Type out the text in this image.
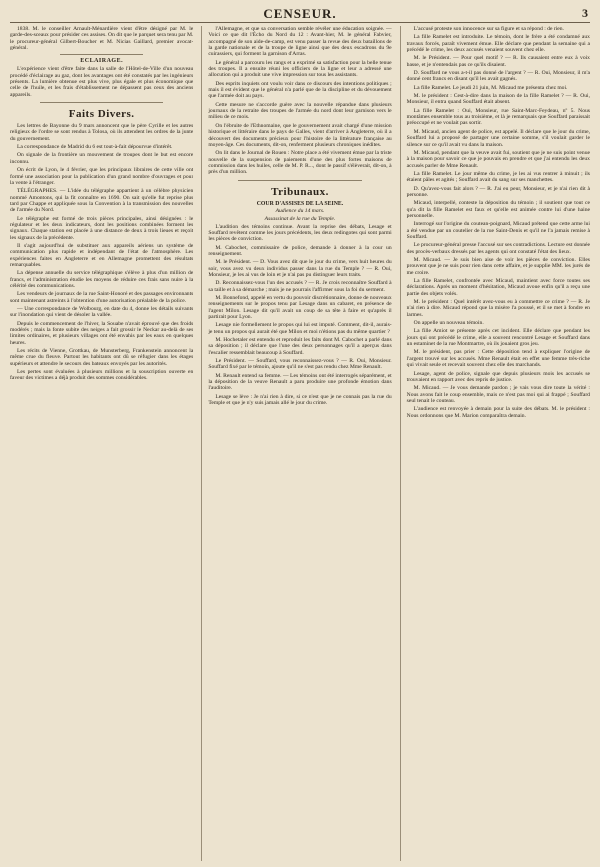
CENSEUR.	3

1838. M. le conseiller Arnault-Ménardière vient d'être désigné par M. le garde-des-sceaux pour présider ces assises. On dit que le parquet sera tenu par M. le procureur-général Gilbert-Boucher et M. Nicias Gaillard, premier avocat-général.

ECLAIRAGE.

L'expérience vient d'être faite dans la salle de l'Hôtel-de-Ville d'un nouveau procédé d'éclairage au gaz, dont les avantages ont été constatés par les ingénieurs présents. La lumière obtenue est plus vive, plus égale et plus économique que celle de l'huile, et les frais d'établissement ne dépassent pas ceux des anciens appareils.

Faits Divers.

Les lettres de Bayonne du 9 mars annoncent que le père Cyrille et les autres religieux de l'ordre se sont rendus à Tolosa, où ils attendent les ordres de la junte du gouvernement.

La correspondance de Madrid du 6 est tout-à-fait dépourvue d'intérêt.

On signale de la frontière un mouvement de troupes dont le but est encore inconnu.

On écrit de Lyon, le 4 février, que les principaux libraires de cette ville ont formé une association pour la publication d'un grand nombre d'ouvrages et pour la vente à l'étranger.

TÉLÉGRAPHES. — L'idée du télégraphe appartient à un célèbre physicien nommé Amontons, qui la fit connaître en 1690. On sait qu'elle fut reprise plus tard par Chappe et appliquée sous la Convention à la transmission des nouvelles de l'armée du Nord.

Le télégraphe est formé de trois pièces principales, ainsi désignées : le régulateur et les deux indicateurs, dont les positions combinées forment les signaux. Chaque station est placée à une distance de deux à trois lieues et reçoit les signaux de la précédente.

Il s'agit aujourd'hui de substituer aux appareils aériens un système de communication plus rapide et indépendant de l'état de l'atmosphère. Les expériences faites en Angleterre et en Allemagne promettent des résultats remarquables.

La dépense annuelle du service télégraphique s'élève à plus d'un million de francs, et l'administration étudie les moyens de réduire ces frais sans nuire à la célérité des communications.

Les vendeurs de journaux de la rue Saint-Honoré et des passages environnants sont maintenant astreints à l'obtention d'une autorisation préalable de la police.

— Une correspondance de Wolbourg, en date du 4, donne les détails suivants sur l'inondation qui vient de désoler la vallée.

Depuis le commencement de l'hiver, la Souabe n'avait éprouvé que des froids modérés ; mais la fonte subite des neiges a fait grossir le Neckar au-delà de ses limites ordinaires, et plusieurs villages ont été envahis par les eaux en quelques heures.

Les récits de Vienne, Grottkau, de Munsterberg, Frankenstein annoncent la même crue du fleuve. Partout les habitants ont dû se réfugier dans les étages supérieurs et attendre le secours des bateaux envoyés par les autorités.

Les pertes sont évaluées à plusieurs millions et la souscription ouverte en faveur des victimes a déjà produit des sommes considérables.

l'Allemagne, et que sa conversation semble révéler une éducation soignée. — Voici ce que dit l'Écho du Nord du 12 : Avant-hier, M. le général Fabvier, accompagné de son aide-de-camp, est venu passer la revue des deux bataillons de la garde nationale et de la troupe de ligne ainsi que des deux escadrons du 9e cuirassiers, qui forment la garnison d'Arras.

Le général a parcouru les rangs et a exprimé sa satisfaction pour la belle tenue des troupes. Il a ensuite réuni les officiers de la ligne et leur a adressé une allocution qui a produit une vive impression sur tous les assistants.

Des esprits inquiets ont voulu voir dans ce discours des intentions politiques ; mais il est évident que le général n'a parlé que de la discipline et du dévouement que l'armée doit au pays.

Cette mesure ne s'accorde guère avec la nouvelle répandue dans plusieurs journaux de la retraite des troupes de l'armée du nord dont leur garnison vers le milieu de ce mois.

On l'ébruite de l'Ethnomaine, que le gouvernement avait chargé d'une mission historique et littéraire dans le pays de Galles, vient d'arriver à Angleterre, où il a découvert des documents précieux pour l'histoire de la littérature française au moyen-âge. Ces documents, dit-on, renferment plusieurs chroniques inédites.

On lit dans le Journal de Rouen : Notre place a été vivement émue par la triste nouvelle de la suspension de paiements d'une des plus fortes maisons de commission dans les huiles, celle de M. P. R..., dont le passif s'élèverait, dit-on, à près d'un million.

Tribunaux.
COUR D'ASSISES DE LA SEINE.
Audience du 14 mars.
Assassinat de la rue du Temple.

L'audition des témoins continue. Avant la reprise des débats, Lesage et Souffard revêtent comme les jours précédents, les deux redingotes qui sont parmi les pièces de conviction.

M. Cabochet, commissaire de police, demande à donner à la cour un renseignement.

M. le Président. — D. Vous avez dit que le jour du crime, vers huit heures du soir, vous avez vu deux individus passer dans la rue du Temple ? — R. Oui, Monsieur, je les ai vus de loin et je n'ai pas pu distinguer leurs traits.

D. Reconnaissez-vous l'un des accusés ? — R. Je crois reconnaître Souffard à sa taille et à sa démarche ; mais je ne pourrais l'affirmer sous la foi du serment.

M. Bonnefond, appelé en vertu du pouvoir discrétionnaire, donne de nouveaux renseignements sur le propos tenu par Lesage dans un cabaret, en présence de l'agent Milon. Lesage dit qu'il avait un coup de sa tête à faire et qu'après il partirait pour Lyon.

Lesage nie formellement le propos qui lui est imputé. Comment, dit-il, aurais-je tenu un propos qui aurait été que Milon et moi n'étions pas du même quartier ?

M. Hochetaler est entendu et reproduit les faits dont M. Cabochet a parlé dans sa déposition ; il déclare que l'une des deux personnages qu'il a aperçus dans l'escalier ressemblait beaucoup à Souffard.

Le Président. — Souffard, vous reconnaissez-vous ? — R. Oui, Monsieur. Souffard fixé par le témoin, ajoute qu'il ne s'est pas rendu chez Mme Renault.

M. Renault entend sa femme. — Les témoins ont été interrogés séparément, et la déposition de la veuve Renault a paru produire une profonde émotion dans l'auditoire.

Lesage se lève : Je n'ai rien à dire, si ce n'est que je ne connais pas la rue du Temple et que je n'y suis jamais allé le jour du crime.

L'accusé proteste son innocence sur sa figure et sa répond : de rien.

La fille Ramelet est introduite. Le témoin, dont le frère a été condamné aux travaux forcés, paraît vivement émue. Elle déclare que pendant la semaine qui a précédé le crime, les deux accusés venaient souvent chez elle.

M. le Président. — Pour quel motif ? — R. Ils causaient entre eux à voix basse, et je n'entendais pas ce qu'ils disaient.

D. Souffard ne vous a-t-il pas donné de l'argent ? — R. Oui, Monsieur, il m'a donné cent francs en disant qu'il les avait gagnés.

La fille Ramelet. Le jeudi 21 juin, M. Micaud me présenta chez moi.

M. le président : Cest-à-dire dans la maison de la fille Ramelet ? — R. Oui, Monsieur, il entra quand Souffard était absent.

La fille Ramelet : Oui, Monsieur, rue Saint-Marc-Feydeau, nº 5. Nous montâmes ensemble tous au troisième, et là je remarquais que Souffard paraissait préoccupé et ne voulait pas sortir.

M. Micaud, ancien agent de police, est appelé. Il déclare que le jour du crime, Souffard lui a proposé de partager une certaine somme, s'il voulait garder le silence sur ce qu'il avait vu dans la maison.

M. Micaud, pendant que la veuve avait fui, soutient que je ne suis point venue à la maison pour savoir ce que je pouvais en prendre et que j'ai entendu les deux accusés parler de Mme Renault.

La fille Ramelet. Le jour même du crime, je les ai vus rentrer à minuit ; ils étaient pâles et agités ; Souffard avait du sang sur ses manchettes.

D. Qu'avez-vous fait alors ? — R. J'ai eu peur, Monsieur, et je n'ai rien dit à personne.

Micaud, interpellé, conteste la déposition du témoin ; il soutient que tout ce qu'a dit la fille Ramelet est faux et qu'elle est animée contre lui d'une haine personnelle.

Interrogé sur l'origine du coutean-poignard, Micaud prétend que cette arme lui a été vendue par un coutelier de la rue Saint-Denis et qu'il ne l'a jamais remise à Souffard.

Le procureur-général presse l'accusé sur ses contradictions. Lecture est donnée des procès-verbaux dressés par les agents qui ont constaté l'état des lieux.

M. Micaud. — Je suis bien aise de voir les pièces de conviction. Elles prouvent que je ne suis pour rien dans cette affaire, et je supplie MM. les jurés de me croire.

La fille Ramelet, confrontée avec Micaud, maintient avec force toutes ses déclarations. Après un moment d'hésitation, Micaud avoue enfin qu'il a reçu une partie des objets volés.

M. le président : Quel intérêt avez-vous eu à commettre ce crime ? — R. Je n'ai rien à dire. Micaud répond que la misère l'a poussé, et il se met à fondre en larmes.

On appelle un nouveau témoin.

La fille Amiot se présente après cet incident. Elle déclare que pendant les jours qui ont précédé le crime, elle a souvent rencontré Lesage et Souffard dans un estaminet de la rue Montmartre, où ils jouaient gros jeu.

M. le président, pas prier : Cette déposition tend à expliquer l'origine de l'argent trouvé sur les accusés. Mme Renault était en effet une femme très-riche qui vivait seule et recevait souvent chez elle des marchands.

Lesage, agent de police, signale que depuis plusieurs mois les accusés se trouvaient en rapport avec des repris de justice.

M. Micaud. — Je vous demande pardon ; je vais vous dire toute la vérité : Nous avons fait le coup ensemble, mais ce n'est pas moi qui ai frappé ; Souffard seul tenait le couteau.

L'audience est renvoyée à demain pour la suite des débats. M. le président : Nous ordonnons que M. Marion comparaîtra demain.
